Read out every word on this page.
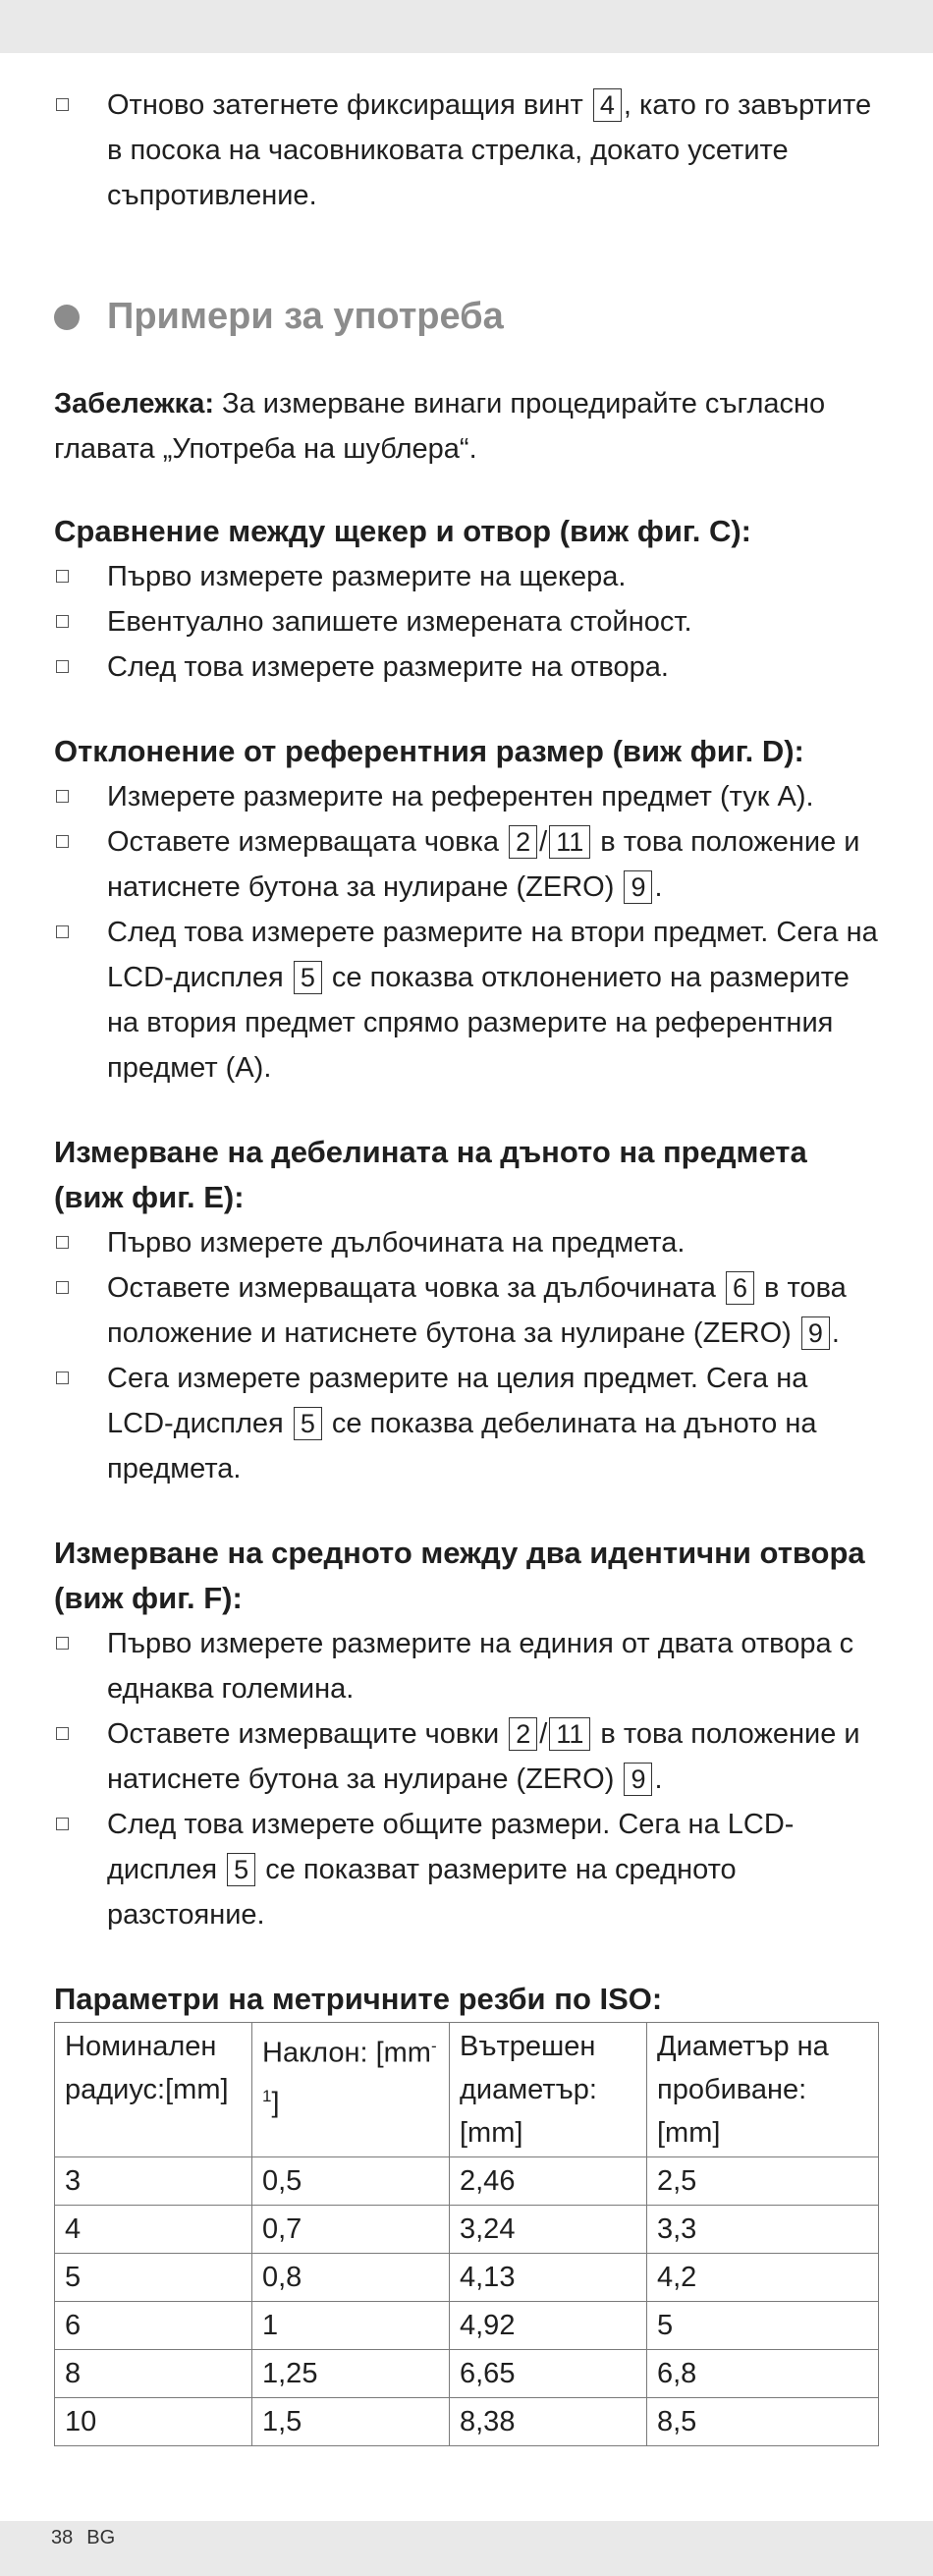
Отново затегнете фиксиращия винт 4 , като го завъртите в посока на часовниковата стрелка, докато усетите съпротивление.

Примери за употреба

Забележка: За измерване винаги процедирайте съгласно главата „Употреба на шублера“.

Сравнение между щекер и отвор (виж фиг. C):

Първо измерете размерите на щекера.

Евентуално запишете измерената стойност.

След това измерете размерите на отвора.

Отклонение от референтния размер (виж фиг. D):

Измерете размерите на референтен предмет (тук A).

Оставете измерващата човка 2 / 11 в това положение и натиснете бутона за нулиране (ZERO) 9 .

След това измерете размерите на втори предмет. Сега на LCD-дисплея 5 се показва отклонението на размерите на втория предмет спрямо размерите на референтния предмет (A).

Измерване на дебелината на дъното на предмета (виж фиг. E):

Първо измерете дълбочината на предмета.

Оставете измерващата човка за дълбочината 6 в това положение и натиснете бутона за нулиране (ZERO) 9 .

Сега измерете размерите на целия предмет. Сега на LCD-дисплея 5 се показва дебелината на дъното на предмета.

Измерване на средното между два идентични отвора (виж фиг. F):

Първо измерете размерите на единия от двата отвора с еднаква големина.

Оставете измерващите човки 2 / 11 в това положение и натиснете бутона за нулиране (ZERO) 9 .

След това измерете общите размери. Сега на LCD-дисплея 5 се показват размерите на средното разстояние.

Параметри на метричните резби по ISO:

Номинален радиус:[mm]	Наклон: $[mm^{-1}]$	Вътрешен диаметър: [mm]	Диаметър на пробиване: [mm]
3	0,5	2,46	2,5
4	0,7	3,24	3,3
5	0,8	4,13	4,2
6	1	4,92	5
8	1,25	6,65	6,8
10	1,5	8,38	8,5
38 BG
